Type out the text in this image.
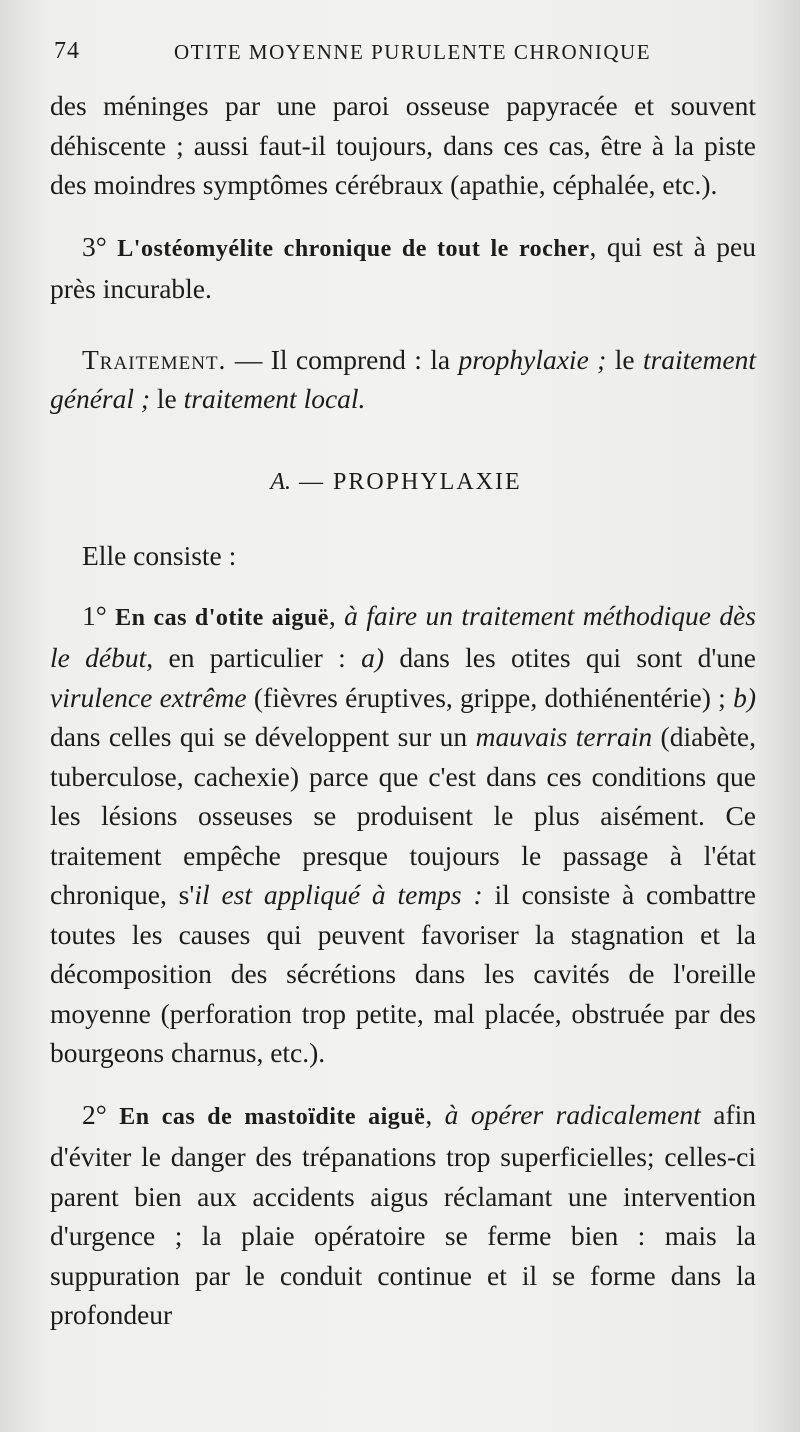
74	OTITE MOYENNE PURULENTE CHRONIQUE

des méninges par une paroi osseuse papyracée et souvent déhiscente ; aussi faut-il toujours, dans ces cas, être à la piste des moindres symptômes cérébraux (apathie, céphalée, etc.).

3° L'ostéomyélite chronique de tout le rocher, qui est à peu près incurable.

Traitement. — Il comprend : la prophylaxie ; le traitement général ; le traitement local.

A. — PROPHYLAXIE

Elle consiste :

1° En cas d'otite aiguë, à faire un traitement méthodique dès le début, en particulier : a) dans les otites qui sont d'une virulence extrême (fièvres éruptives, grippe, dothiénentérie) ; b) dans celles qui se développent sur un mauvais terrain (diabète, tuberculose, cachexie) parce que c'est dans ces conditions que les lésions osseuses se produisent le plus aisément. Ce traitement empêche presque toujours le passage à l'état chronique, s'il est appliqué à temps : il consiste à combattre toutes les causes qui peuvent favoriser la stagnation et la décomposition des sécrétions dans les cavités de l'oreille moyenne (perforation trop petite, mal placée, obstruée par des bourgeons charnus, etc.).

2° En cas de mastoïdite aiguë, à opérer radicalement afin d'éviter le danger des trépanations trop superficielles; celles-ci parent bien aux accidents aigus réclamant une intervention d'urgence ; la plaie opératoire se ferme bien : mais la suppuration par le conduit continue et il se forme dans la profondeur
